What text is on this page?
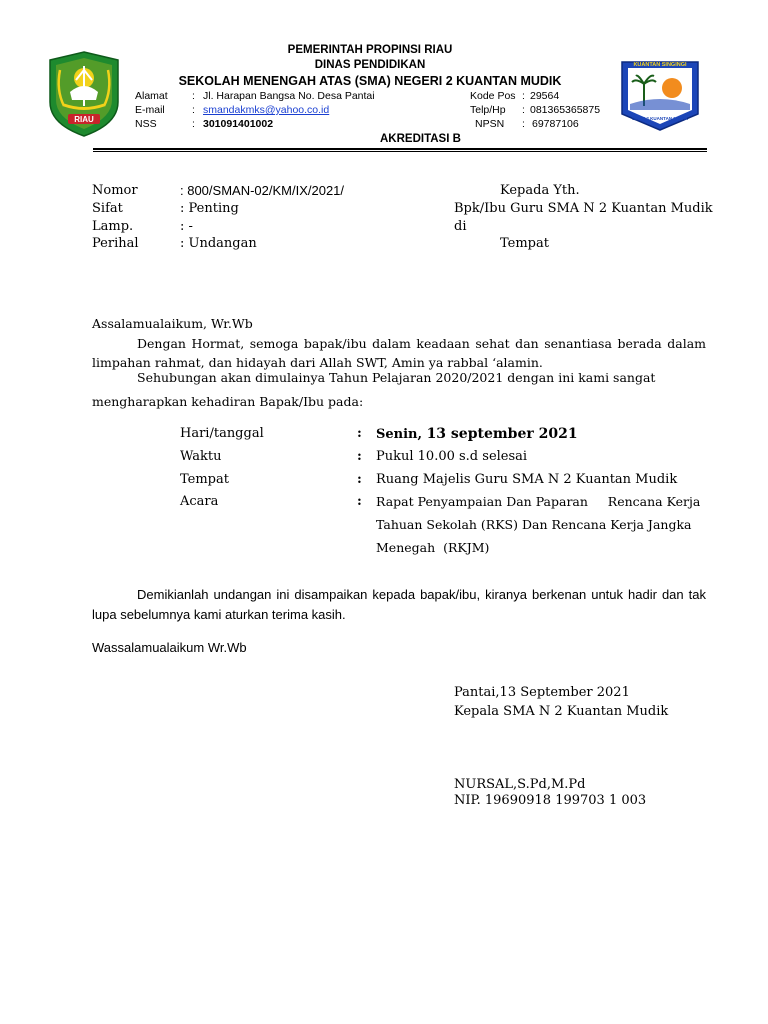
RIAU
KUANTAN SINGINGI
SMAN 2 KUANTAN MUDIK
PEMERINTAH PROPINSI RIAU
DINAS PENDIDIKAN
SEKOLAH MENENGAH ATAS (SMA) NEGERI 2 KUANTAN MUDIK
Alamat : Jl. Harapan Bangsa No. Desa Pantai
E-mail	: smandakmks@yahoo.co.id
NSS	: 301091401002
Kode Pos : 29564
Telp/Hp : 081365365875
NPSN : 69787106
AKREDITASI B
Nomor	: 800/SMAN-02/KM/IX/2021/
Sifat	: Penting
Lamp.	: -
Perihal	: Undangan
Kepada Yth.
Bpk/Ibu Guru SMA N 2 Kuantan Mudik
di
Tempat
Assalamualaikum, Wr.Wb
Dengan Hormat, semoga bapak/ibu dalam keadaan sehat dan senantiasa berada dalam limpahan rahmat, dan hidayah dari Allah SWT, Amin ya rabbal ‘alamin.
Sehubungan akan dimulainya Tahun Pelajaran 2020/2021 dengan ini kami sangat
mengharapkan kehadiran Bapak/Ibu pada:
Hari/tanggal	: Senin, 13 september 2021
Waktu	: Pukul 10.00 s.d selesai
Tempat	: Ruang Majelis Guru SMA N 2 Kuantan Mudik
Acara	: Rapat Penyampaian Dan Paparan     Rencana Kerja
Tahuan Sekolah (RKS) Dan Rencana Kerja Jangka
Menegah  (RKJM)
Demikianlah undangan ini disampaikan kepada bapak/ibu, kiranya berkenan untuk hadir dan tak lupa sebelumnya kami aturkan terima kasih.
Wassalamualaikum Wr.Wb
Pantai,13 September 2021
Kepala SMA N 2 Kuantan Mudik
NURSAL,S.Pd,M.Pd
NIP. 19690918 199703 1 003
